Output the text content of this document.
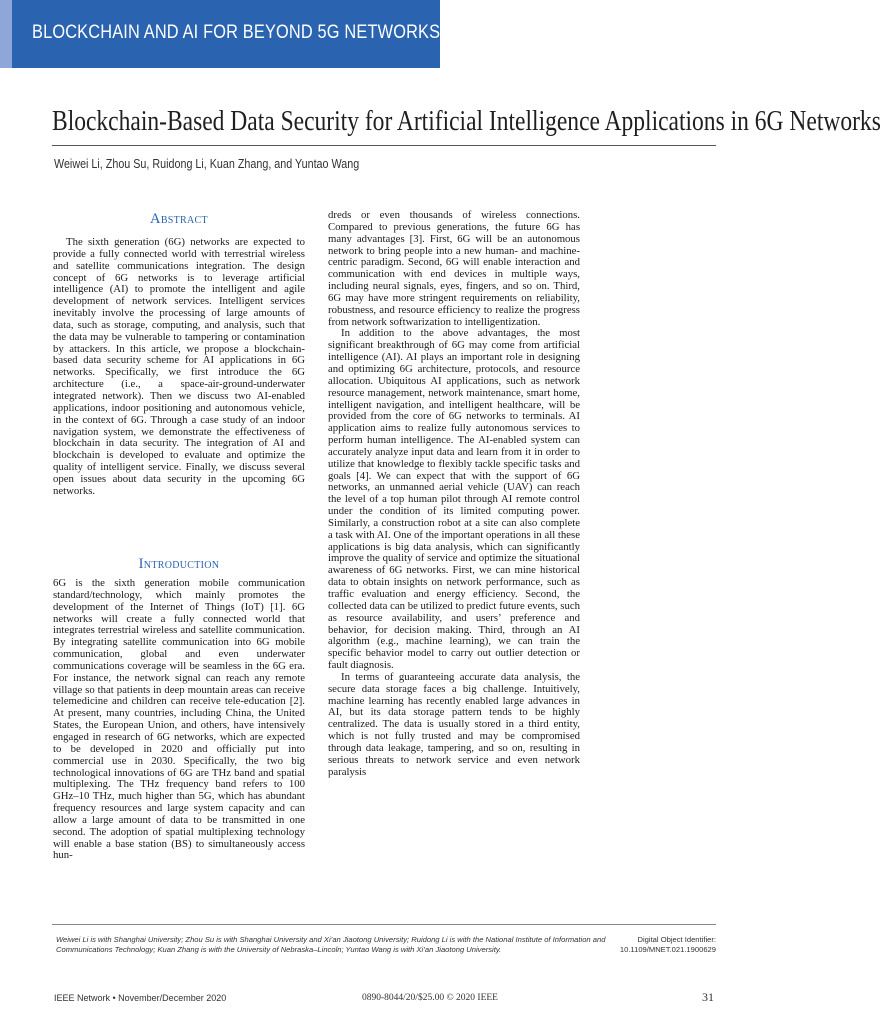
BLOCKCHAIN AND AI FOR BEYOND 5G NETWORKS
Blockchain-Based Data Security for Artificial Intelligence Applications in 6G Networks
Weiwei Li, Zhou Su, Ruidong Li, Kuan Zhang, and Yuntao Wang
Abstract

The sixth generation (6G) networks are expected to provide a fully connected world with terrestrial wireless and satellite communications integration. The design concept of 6G networks is to leverage artificial intelligence (AI) to promote the intelligent and agile development of network services. Intelligent services inevitably involve the processing of large amounts of data, such as storage, computing, and analysis, such that the data may be vulnerable to tampering or contamination by attackers. In this article, we propose a blockchain-based data security scheme for AI applications in 6G networks. Specifically, we first introduce the 6G architecture (i.e., a space-air-ground-underwater integrated network). Then we discuss two AI-enabled applications, indoor positioning and autonomous vehicle, in the context of 6G. Through a case study of an indoor navigation system, we demonstrate the effectiveness of blockchain in data security. The integration of AI and blockchain is developed to evaluate and optimize the quality of intelligent service. Finally, we discuss several open issues about data security in the upcoming 6G networks.

Introduction

6G is the sixth generation mobile communication standard/technology, which mainly promotes the development of the Internet of Things (IoT) [1]. 6G networks will create a fully connected world that integrates terrestrial wireless and satellite communication. By integrating satellite communication into 6G mobile communication, global and even underwater communications coverage will be seamless in the 6G era. For instance, the network signal can reach any remote village so that patients in deep mountain areas can receive telemedicine and children can receive tele-education [2]. At present, many countries, including China, the United States, the European Union, and others, have intensively engaged in research of 6G networks, which are expected to be developed in 2020 and officially put into commercial use in 2030. Specifically, the two big technological innovations of 6G are THz band and spatial multiplexing. The THz frequency band refers to 100 GHz–10 THz, much higher than 5G, which has abundant frequency resources and large system capacity and can allow a large amount of data to be transmitted in one second. The adoption of spatial multiplexing technology will enable a base station (BS) to simultaneously access hun-

dreds or even thousands of wireless connections. Compared to previous generations, the future 6G has many advantages [3]. First, 6G will be an autonomous network to bring people into a new human- and machine-centric paradigm. Second, 6G will enable interaction and communication with end devices in multiple ways, including neural signals, eyes, fingers, and so on. Third, 6G may have more stringent requirements on reliability, robustness, and resource efficiency to realize the progress from network softwarization to intelligentization.

In addition to the above advantages, the most significant breakthrough of 6G may come from artificial intelligence (AI). AI plays an important role in designing and optimizing 6G architecture, protocols, and resource allocation. Ubiquitous AI applications, such as network resource management, network maintenance, smart home, intelligent navigation, and intelligent healthcare, will be provided from the core of 6G networks to terminals. AI application aims to realize fully autonomous services to perform human intelligence. The AI-enabled system can accurately analyze input data and learn from it in order to utilize that knowledge to flexibly tackle specific tasks and goals [4]. We can expect that with the support of 6G networks, an unmanned aerial vehicle (UAV) can reach the level of a top human pilot through AI remote control under the condition of its limited computing power. Similarly, a construction robot at a site can also complete a task with AI. One of the important operations in all these applications is big data analysis, which can significantly improve the quality of service and optimize the situational awareness of 6G networks. First, we can mine historical data to obtain insights on network performance, such as traffic evaluation and energy efficiency. Second, the collected data can be utilized to predict future events, such as resource availability, and users’ preference and behavior, for decision making. Third, through an AI algorithm (e.g., machine learning), we can train the specific behavior model to carry out outlier detection or fault diagnosis.

In terms of guaranteeing accurate data analysis, the secure data storage faces a big challenge. Intuitively, machine learning has recently enabled large advances in AI, but its data storage pattern tends to be highly centralized. The data is usually stored in a third entity, which is not fully trusted and may be compromised through data leakage, tampering, and so on, resulting in serious threats to network service and even network paralysis

Weiwei Li is with Shanghai University; Zhou Su is with Shanghai University and Xi’an Jiaotong University; Ruidong Li is with the National Institute of Information and Communications Technology; Kuan Zhang is with the University of Nebraska–Lincoln; Yuntao Wang is with Xi’an Jiaotong University.
Digital Object Identifier:
10.1109/MNET.021.1900629
IEEE Network • November/December 2020	0890-8044/20/$25.00 © 2020 IEEE	31
